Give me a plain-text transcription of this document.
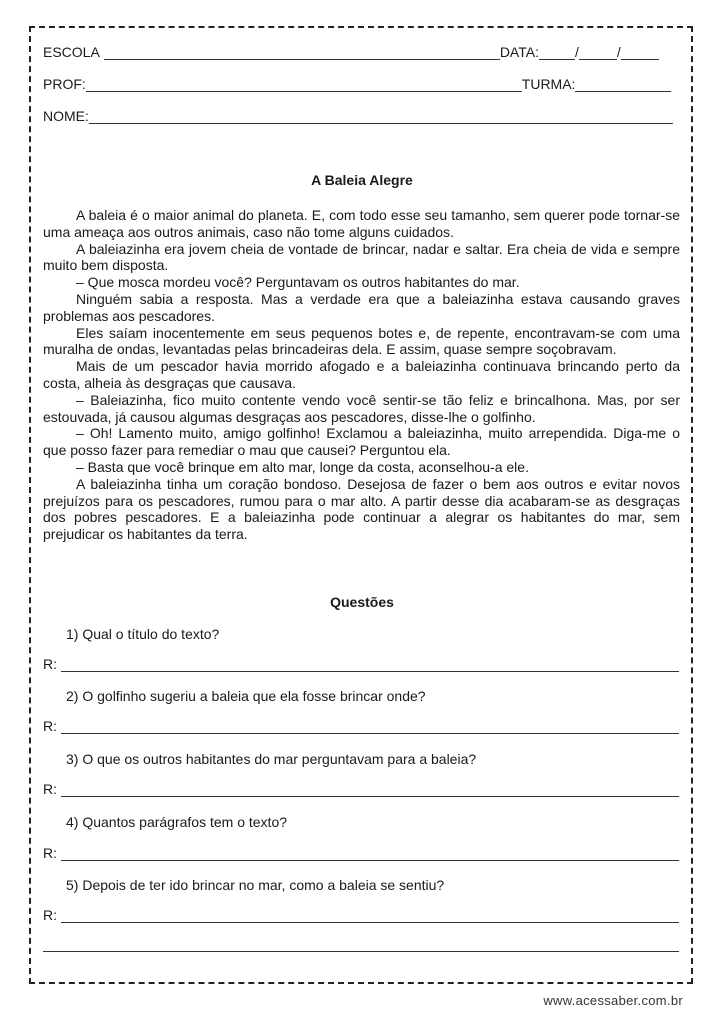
ESCOLA	DATA:	/	/
PROF:	TURMA:
NOME:
A Baleia Alegre

A baleia é o maior animal do planeta. E, com todo esse seu tamanho, sem querer pode tornar-se uma ameaça aos outros animais, caso não tome alguns cuidados.

A baleiazinha era jovem cheia de vontade de brincar, nadar e saltar. Era cheia de vida e sempre muito bem disposta.

– Que mosca mordeu você? Perguntavam os outros habitantes do mar.

Ninguém sabia a resposta. Mas a verdade era que a baleiazinha estava causando graves problemas aos pescadores.

Eles saíam inocentemente em seus pequenos botes e, de repente, encontravam-se com uma muralha de ondas, levantadas pelas brincadeiras dela. E assim, quase sempre soçobravam.

Mais de um pescador havia morrido afogado e a baleiazinha continuava brincando perto da costa, alheia às desgraças que causava.

– Baleiazinha, fico muito contente vendo você sentir-se tão feliz e brincalhona. Mas, por ser estouvada, já causou algumas desgraças aos pescadores, disse-lhe o golfinho.

– Oh! Lamento muito, amigo golfinho! Exclamou a baleiazinha, muito arrependida. Diga-me o que posso fazer para remediar o mau que causei? Perguntou ela.

– Basta que você brinque em alto mar, longe da costa, aconselhou-a ele.

A baleiazinha tinha um coração bondoso. Desejosa de fazer o bem aos outros e evitar novos prejuízos para os pescadores, rumou para o mar alto. A partir desse dia acabaram-se as desgraças dos pobres pescadores. E a baleiazinha pode continuar a alegrar os habitantes do mar, sem prejudicar os habitantes da terra.

Questões
1) Qual o título do texto?
R:
2) O golfinho sugeriu a baleia que ela fosse brincar onde?
R:
3) O que os outros habitantes do mar perguntavam para a baleia?
R:
4) Quantos parágrafos tem o texto?
R:
5) Depois de ter ido brincar no mar, como a baleia se sentiu?
R:
www.acessaber.com.br
